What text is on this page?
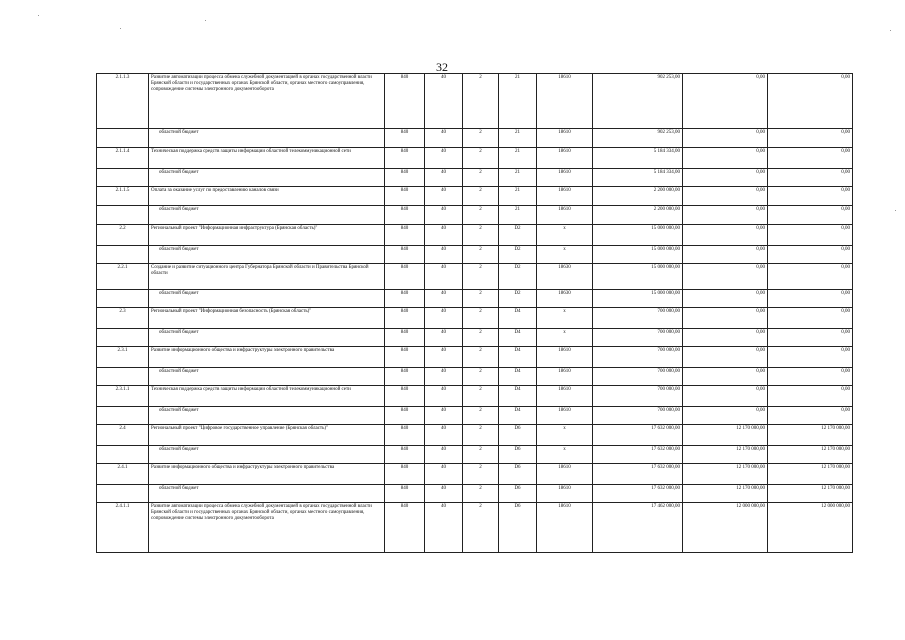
32
2.1.1.3	Развитие автоматизации процесса обмена служебной документацией в органах государственной власти Брянской области и государственных органах Брянской области, органах местного самоуправления, сопровождение системы электронного документооборота	840	40	2	21	18610	902 253,00	0,00	0,00
	областной бюджет	840	40	2	21	18610	902 253,00	0,00	0,00
2.1.1.4	Техническая поддержка средств защиты информации областной телекоммуникационной сети	840	40	2	21	18610	5 184 334,00	0,00	0,00
	областной бюджет	840	40	2	21	18610	5 184 334,00	0,00	0,00
2.1.1.5	Оплата за оказание услуг по предоставлению каналов связи	840	40	2	21	18610	2 200 000,00	0,00	0,00
	областной бюджет	840	40	2	21	18610	2 200 000,00	0,00	0,00
2.2	Региональный проект "Информационная инфраструктура (Брянская область)"	840	40	2	D2	x	15 000 000,00	0,00	0,00
	областной бюджет	840	40	2	D2	x	15 000 000,00	0,00	0,00
2.2.1	Создание и развитие ситуационного центра Губернатора Брянской области и Правительства Брянской области	840	40	2	D2	18630	15 000 000,00	0,00	0,00
	областной бюджет	840	40	2	D2	18630	15 000 000,00	0,00	0,00
2.3	Региональный проект "Информационная безопасность (Брянская область)"	840	40	2	D4	x	700 000,00	0,00	0,00
	областной бюджет	840	40	2	D4	x	700 000,00	0,00	0,00
2.3.1	Развитие информационного общества и инфраструктуры электронного правительства	840	40	2	D4	18610	700 000,00	0,00	0,00
	областной бюджет	840	40	2	D4	18610	700 000,00	0,00	0,00
2.3.1.1	Техническая поддержка средств защиты информации областной телекоммуникационной сети	840	40	2	D4	18610	700 000,00	0,00	0,00
	областной бюджет	840	40	2	D4	18610	700 000,00	0,00	0,00
2.4	Региональный проект "Цифровое государственное управление (Брянская область)"	840	40	2	D6	x	17 632 000,00	12 170 000,00	12 170 000,00
	областной бюджет	840	40	2	D6	x	17 632 000,00	12 170 000,00	12 170 000,00
2.4.1	Развитие информационного общества и инфраструктуры электронного правительства	840	40	2	D6	18610	17 632 000,00	12 170 000,00	12 170 000,00
	областной бюджет	840	40	2	D6	18610	17 632 000,00	12 170 000,00	12 170 000,00
2.4.1.1	Развитие автоматизации процесса обмена служебной документацией в органах государственной власти Брянской области и государственных органах Брянской области, органах местного самоуправления, сопровождение системы электронного документооборота	840	40	2	D6	18610	17 462 000,00	12 000 000,00	12 000 000,00
